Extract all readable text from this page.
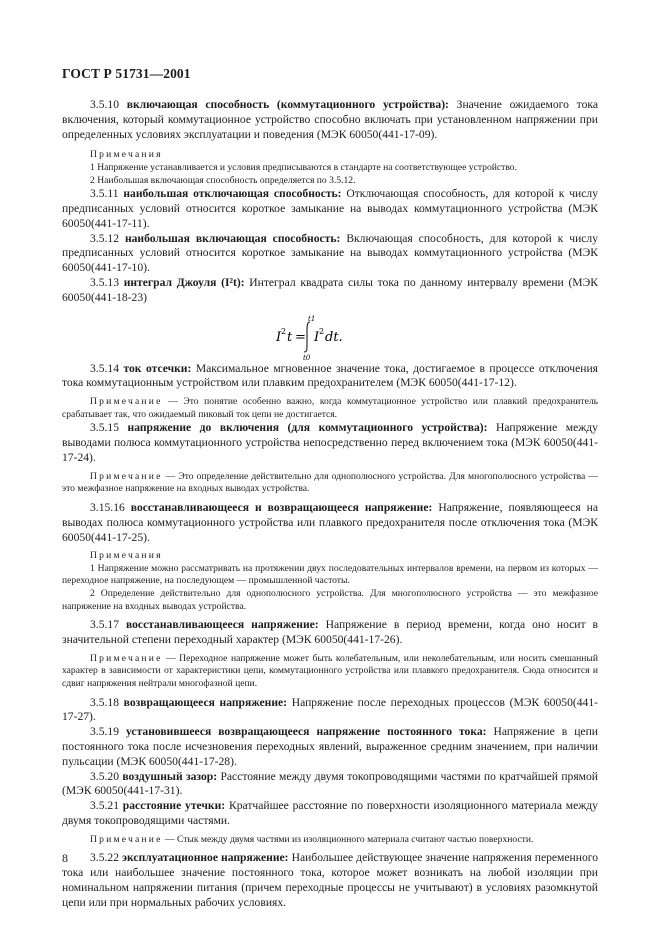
ГОСТ Р 51731—2001

3.5.10 включающая способность (коммутационного устройства): Значение ожидаемого тока включения, который коммутационное устройство способно включать при установленном напряжении при определенных условиях эксплуатации и поведения (МЭК 60050(441-17-09).

Примечания

1 Напряжение устанавливается и условия предписываются в стандарте на соответствующее устройство.

2 Наибольшая включающая способность определяется по 3.5.12.

3.5.11 наибольшая отключающая способность: Отключающая способность, для которой к числу предписанных условий относится короткое замыкание на выводах коммутационного устройства (МЭК 60050(441-17-11).

3.5.12 наибольшая включающая способность: Включающая способность, для которой к числу предписанных условий относится короткое замыкание на выводах коммутационного устройства (МЭК 60050(441-17-10).

3.5.13 интеграл Джоуля (I²t): Интеграл квадрата силы тока по данному интервалу времени (МЭК 60050(441-18-23)

I 2 t =
t1
t0
I 2 dt.

3.5.14 ток отсечки: Максимальное мгновенное значение тока, достигаемое в процессе отключения тока коммутационным устройством или плавким предохранителем (МЭК 60050(441-17-12).

Примечание — Это понятие особенно важно, когда коммутационное устройство или плавкий предохранитель срабатывает так, что ожидаемый пиковый ток цепи не достигается.

3.5.15 напряжение до включения (для коммутационного устройства): Напряжение между выводами полюса коммутационного устройства непосредственно перед включением тока (МЭК 60050(441-17-24).

Примечание — Это определение действительно для однополюсного устройства. Для многополюсного устройства — это межфазное напряжение на входных выводах устройства.

3.15.16 восстанавливающееся и возвращающееся напряжение: Напряжение, появляющееся на выводах полюса коммутационного устройства или плавкого предохранителя после отключения тока (МЭК 60050(441-17-25).

Примечания

1 Напряжение можно рассматривать на протяжении двух последовательных интервалов времени, на первом из которых — переходное напряжение, на последующем — промышленной частоты.

2 Определение действительно для однополюсного устройства. Для многополюсного устройства — это межфазное напряжение на входных выводах устройства.

3.5.17 восстанавливающееся напряжение: Напряжение в период времени, когда оно носит в значительной степени переходный характер (МЭК 60050(441-17-26).

Примечание — Переходное напряжение может быть колебательным, или неколебательным, или носить смешанный характер в зависимости от характеристики цепи, коммутационного устройства или плавкого предохранителя. Сюда относится и сдвиг напряжения нейтрали многофазной цепи.

3.5.18 возвращающееся напряжение: Напряжение после переходных процессов (МЭК 60050(441-17-27).

3.5.19 установившееся возвращающееся напряжение постоянного тока: Напряжение в цепи постоянного тока после исчезновения переходных явлений, выраженное средним значением, при наличии пульсации (МЭК 60050(441-17-28).

3.5.20 воздушный зазор: Расстояние между двумя токопроводящими частями по кратчайшей прямой (МЭК 60050(441-17-31).

3.5.21 расстояние утечки: Кратчайшее расстояние по поверхности изоляционного материала между двумя токопроводящими частями.

Примечание — Стык между двумя частями из изоляционного материала считают частью поверхности.

3.5.22 эксплуатационное напряжение: Наибольшее действующее значение напряжения переменного тока или наибольшее значение постоянного тока, которое может возникать на любой изоляции при номинальном напряжении питания (причем переходные процессы не учитывают) в условиях разомкнутой цепи или при нормальных рабочих условиях.

8
